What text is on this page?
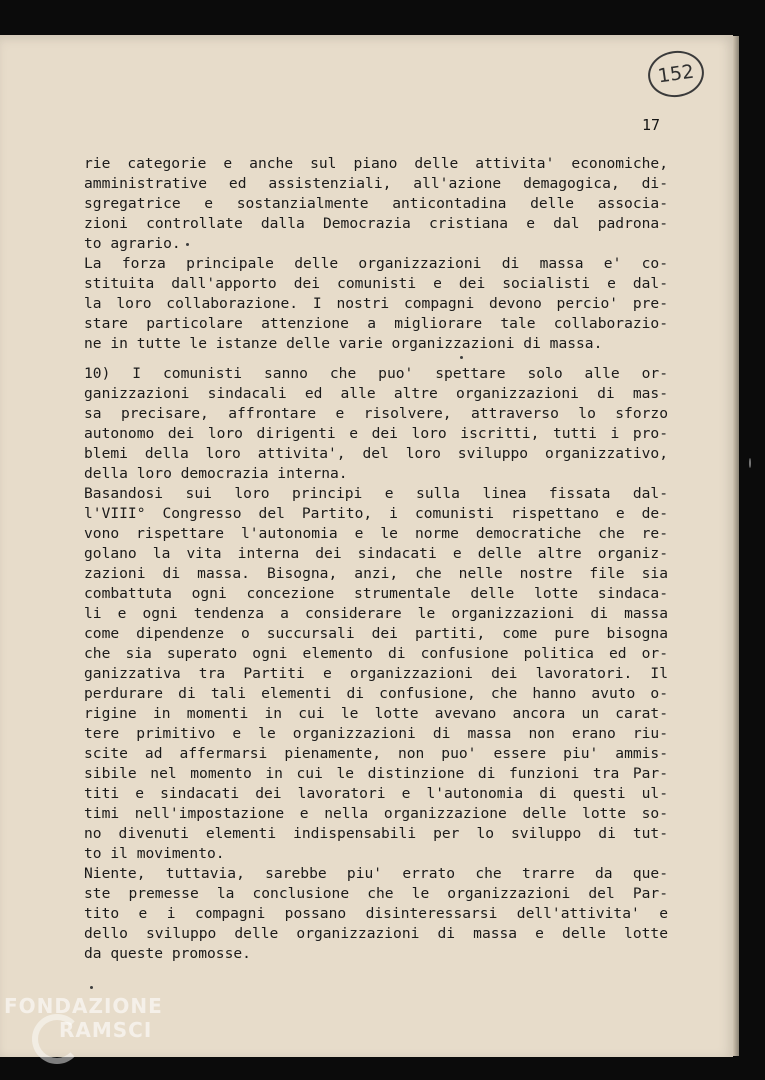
152
17

rie categorie e anche sul piano delle attivita' economiche,

amministrative ed assistenziali, all'azione demagogica, di-

sgregatrice e sostanzialmente anticontadina delle associa-

zioni controllate dalla Democrazia cristiana e dal padrona-

to agrario.

La forza principale delle organizzazioni di massa e' co-

stituita dall'apporto dei comunisti e dei socialisti e dal-

la loro collaborazione. I nostri compagni devono percio' pre-

stare particolare attenzione a migliorare tale collaborazio-

ne in tutte le istanze delle varie organizzazioni di massa.

10) I comunisti sanno che puo' spettare solo alle or-

ganizzazioni sindacali ed alle altre organizzazioni di mas-

sa precisare, affrontare e risolvere, attraverso lo sforzo

autonomo dei loro dirigenti e dei loro iscritti, tutti i pro-

blemi della loro attivita', del loro sviluppo organizzativo,

della loro democrazia interna.

Basandosi sui loro principi e sulla linea fissata dal-

l'VIII° Congresso del Partito, i comunisti rispettano e de-

vono rispettare l'autonomia e le norme democratiche che re-

golano la vita interna dei sindacati e delle altre organiz-

zazioni di massa. Bisogna, anzi, che nelle nostre file sia

combattuta ogni concezione strumentale delle lotte sindaca-

li e ogni tendenza a considerare le organizzazioni di massa

come dipendenze o succursali dei partiti, come pure bisogna

che sia superato ogni elemento di confusione politica ed or-

ganizzativa tra Partiti e organizzazioni dei lavoratori. Il

perdurare di tali elementi di confusione, che hanno avuto o-

rigine in momenti in cui le lotte avevano ancora un carat-

tere primitivo e le organizzazioni di massa non erano riu-

scite ad affermarsi pienamente, non puo' essere piu' ammis-

sibile nel momento in cui le distinzione di funzioni tra Par-

titi e sindacati dei lavoratori e l'autonomia di questi ul-

timi nell'impostazione e nella organizzazione delle lotte so-

no divenuti elementi indispensabili per lo sviluppo di tut-

to il movimento.

Niente, tuttavia, sarebbe piu' errato che trarre da que-

ste premesse la conclusione che le organizzazioni del Par-

tito e i compagni possano disinteressarsi dell'attivita' e

dello sviluppo delle organizzazioni di massa e delle lotte

da queste promosse.

FONDAZIONE
RAMSCI
